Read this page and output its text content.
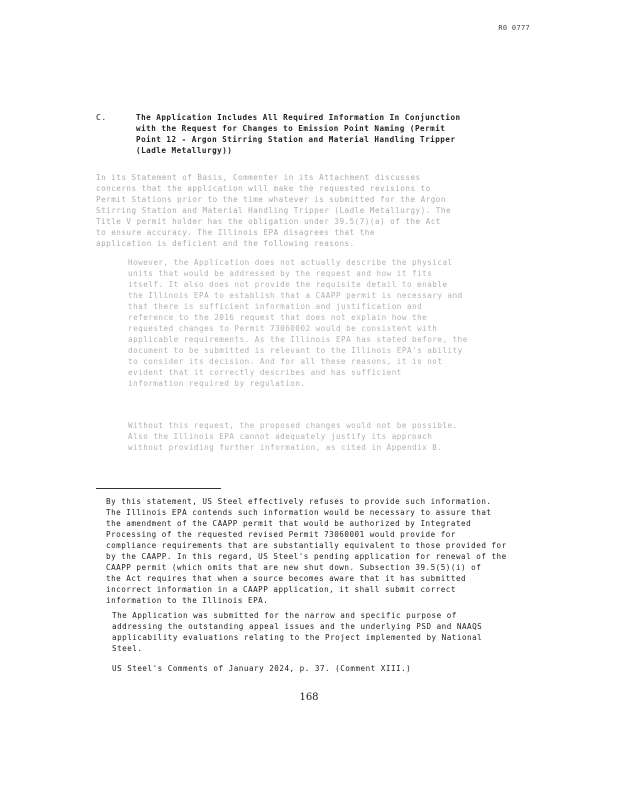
R0 0777
C.	The Application Includes All Required Information In Conjunction
with the Request for Changes to Emission Point Naming (Permit
Point 12 - Argon Stirring Station and Material Handling Tripper
(Ladle Metallurgy))
In its Statement of Basis, Commenter in its Attachment discusses
concerns that the application will make the requested revisions to
Permit Stations prior to the time whatever is submitted for the Argon
Stirring Station and Material Handling Tripper (Ladle Metallurgy). The
Title V permit holder has the obligation under 39.5(7)(a) of the Act
to ensure accuracy. The Illinois EPA disagrees that the
application is deficient and the following reasons.
However, the Application does not actually describe the physical
units that would be addressed by the request and how it fits
itself. It also does not provide the requisite detail to enable
the Illinois EPA to establish that a CAAPP permit is necessary and
that there is sufficient information and justification and
reference to the 2016 request that does not explain how the
requested changes to Permit 73060002 would be consistent with
applicable requirements. As the Illinois EPA has stated before, the
document to be submitted is relevant to the Illinois EPA's ability
to consider its decision. And for all these reasons, it is not
evident that it correctly describes and has sufficient
information required by regulation.
Without this request, the proposed changes would not be possible.
Also the Illinois EPA cannot adequately justify its approach
without providing further information, as cited in Appendix B.
By this statement, US Steel effectively refuses to provide such information.
The Illinois EPA contends such information would be necessary to assure that
the amendment of the CAAPP permit that would be authorized by Integrated
Processing of the requested revised Permit 73060001 would provide for
compliance requirements that are substantially equivalent to those provided for
by the CAAPP. In this regard, US Steel's pending application for renewal of the
CAAPP permit (which omits that are new shut down. Subsection 39.5(5)(i) of
the Act requires that when a source becomes aware that it has submitted
incorrect information in a CAAPP application, it shall submit correct
information to the Illinois EPA.
The Application was submitted for the narrow and specific purpose of
addressing the outstanding appeal issues and the underlying PSD and NAAQS
applicability evaluations relating to the Project implemented by National
Steel.
US Steel's Comments of January 2024, p. 37. (Comment XIII.)
168
